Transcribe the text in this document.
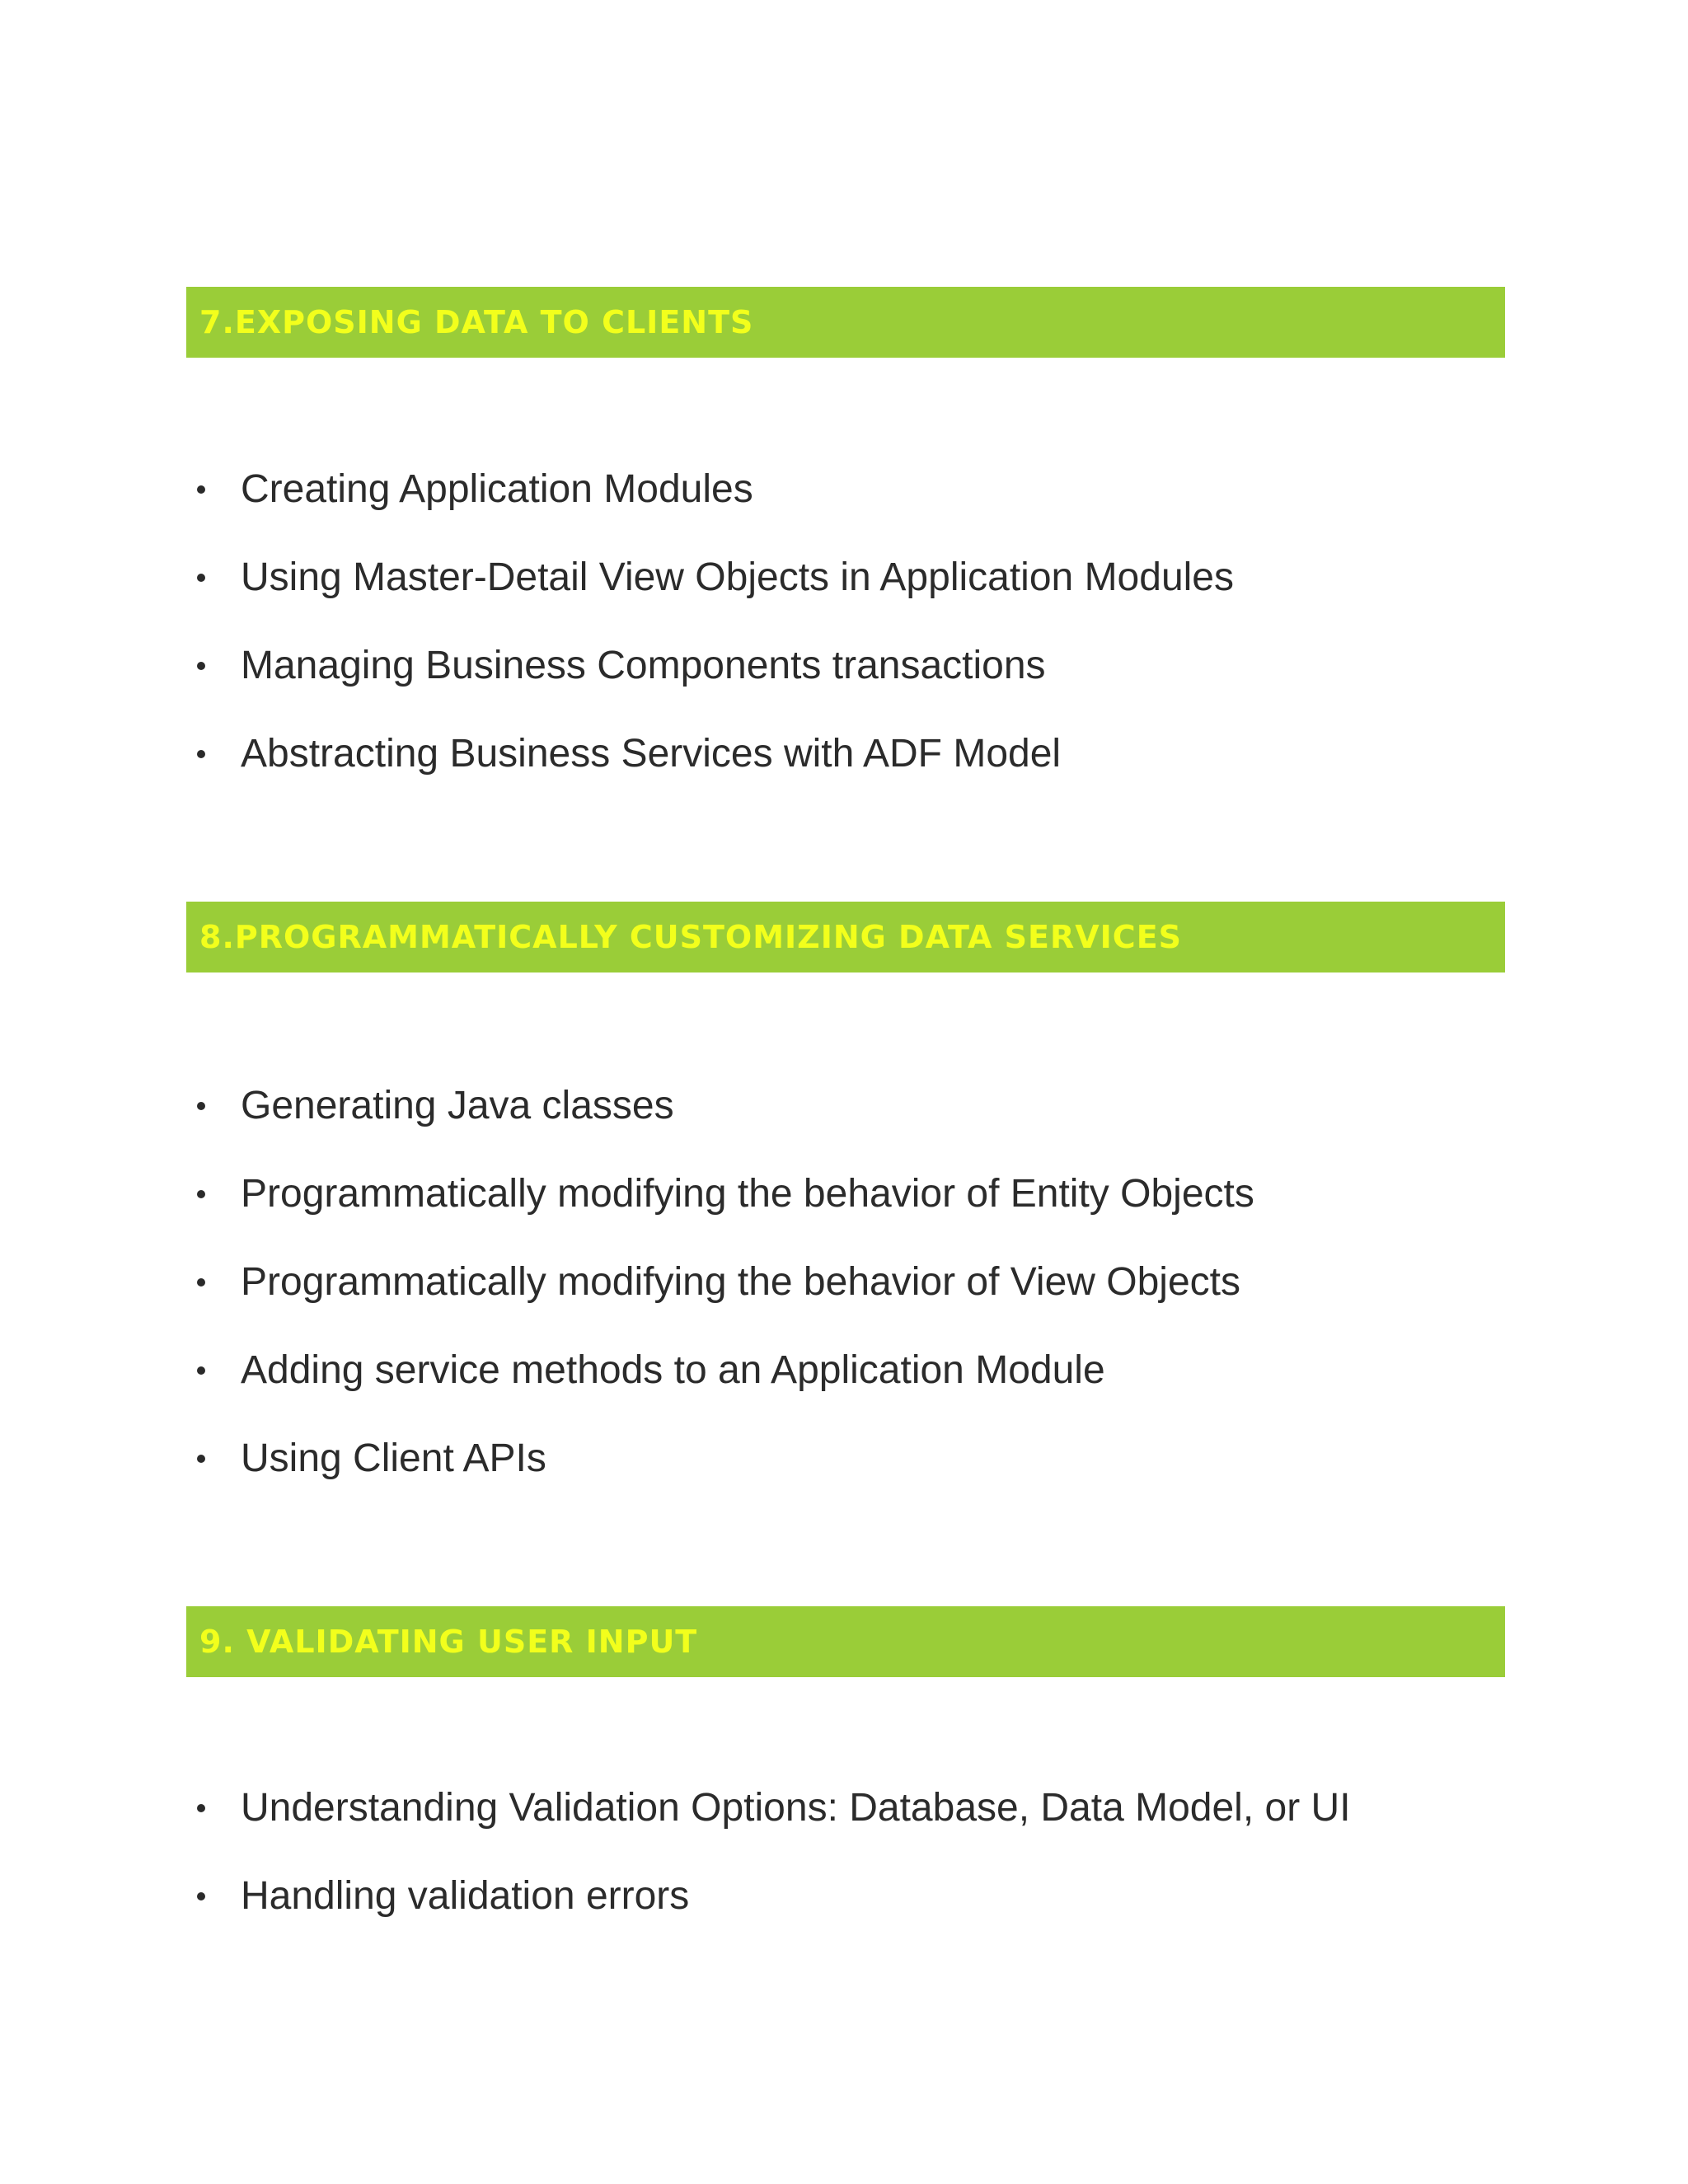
7.EXPOSING DATA TO CLIENTS
Creating Application Modules
Using Master-Detail View Objects in Application Modules
Managing Business Components transactions
Abstracting Business Services with ADF Model
8.PROGRAMMATICALLY CUSTOMIZING DATA SERVICES
Generating Java classes
Programmatically modifying the behavior of Entity Objects
Programmatically modifying the behavior of View Objects
Adding service methods to an Application Module
Using Client APIs
9. VALIDATING USER INPUT
Understanding Validation Options: Database, Data Model, or UI
Handling validation errors
